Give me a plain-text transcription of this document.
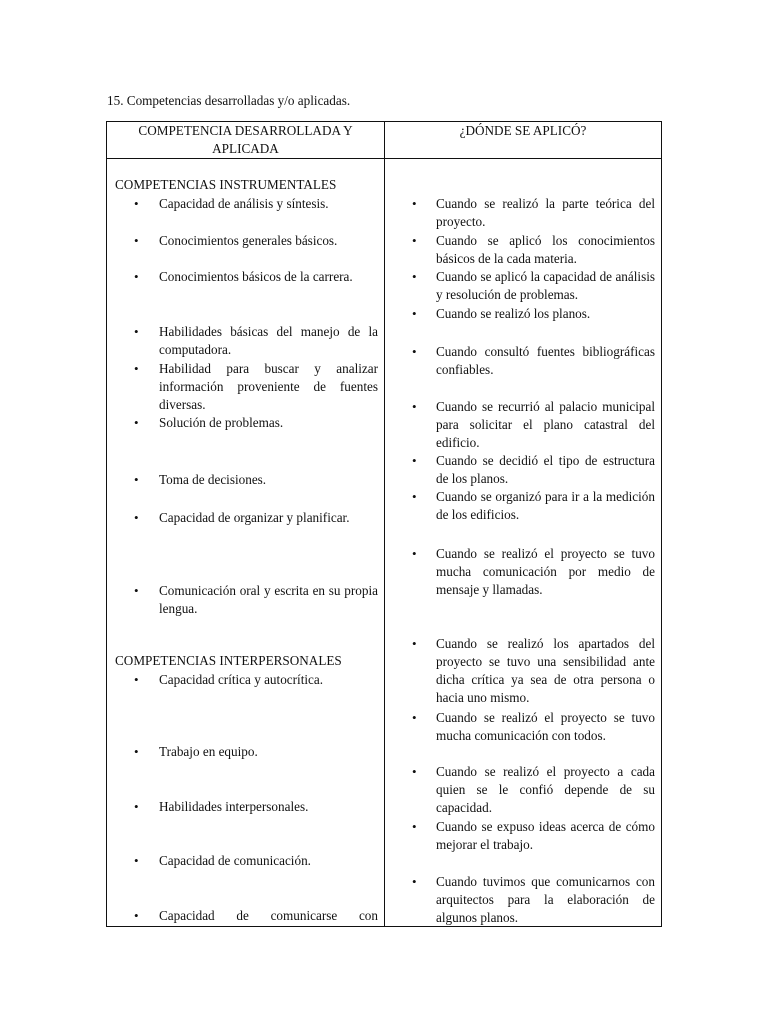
15. Competencias desarrolladas y/o aplicadas.
COMPETENCIA DESARROLLADA Y
APLICADA
¿DÓNDE SE APLICÓ?
COMPETENCIAS INSTRUMENTALES
COMPETENCIAS INTERPERSONALES
• Capacidad de análisis y síntesis.
• Conocimientos generales básicos.
• Conocimientos básicos de la carrera.
• Habilidades básicas del manejo de la computadora.
• Habilidad para buscar y analizar información proveniente de fuentes diversas.
• Solución de problemas.
• Toma de decisiones.
• Capacidad de organizar y planificar.
• Comunicación oral y escrita en su propia lengua.
• Capacidad crítica y autocrítica.
• Trabajo en equipo.
• Habilidades interpersonales.
• Capacidad de comunicación.
• Capacidad de comunicarse con
• Cuando se realizó la parte teórica del proyecto.
• Cuando se aplicó los conocimientos básicos de la cada materia.
• Cuando se aplicó la capacidad de análisis y resolución de problemas.
• Cuando se realizó los planos.
• Cuando consultó fuentes bibliográficas confiables.
• Cuando se recurrió al palacio municipal para solicitar el plano catastral del edificio.
• Cuando se decidió el tipo de estructura de los planos.
• Cuando se organizó para ir a la medición de los edificios.
• Cuando se realizó el proyecto se tuvo mucha comunicación por medio de mensaje y llamadas.
• Cuando se realizó los apartados del proyecto se tuvo una sensibilidad ante dicha crítica ya sea de otra persona o hacia uno mismo.
• Cuando se realizó el proyecto se tuvo mucha comunicación con todos.
• Cuando se realizó el proyecto a cada quien se le confió depende de su capacidad.
• Cuando se expuso ideas acerca de cómo mejorar el trabajo.
• Cuando tuvimos que comunicarnos con arquitectos para la elaboración de algunos planos.
